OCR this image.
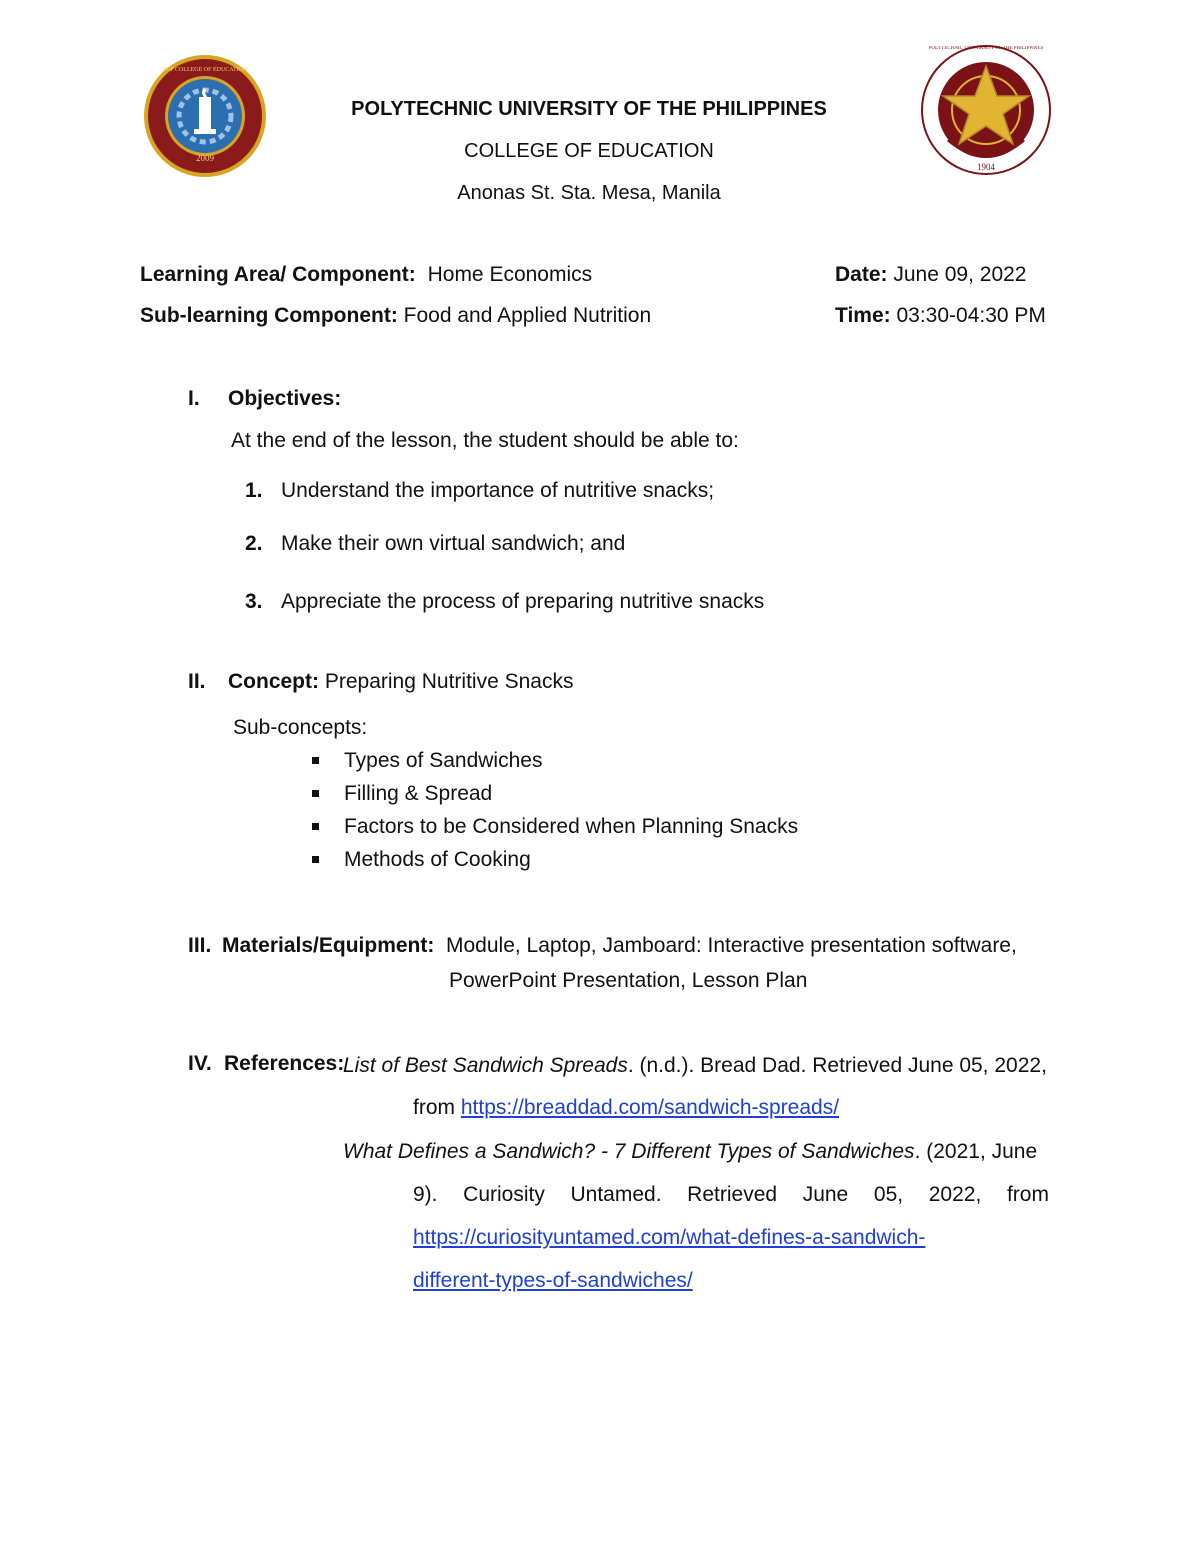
2009
PUP COLLEGE OF EDUCATION
1904
POLYTECHNIC UNIVERSITY OF THE PHILIPPINES
POLYTECHNIC UNIVERSITY OF THE PHILIPPINES
COLLEGE OF EDUCATION
Anonas St. Sta. Mesa, Manila
Learning Area/ Component: Home Economics	Date: June 09, 2022
Sub-learning Component: Food and Applied Nutrition	Time: 03:30-04:30 PM
I. Objectives:
At the end of the lesson, the student should be able to:
1. Understand the importance of nutritive snacks;
2. Make their own virtual sandwich; and
3. Appreciate the process of preparing nutritive snacks
II. Concept: Preparing Nutritive Snacks
Sub-concepts:
Types of Sandwiches
Filling & Spread
Factors to be Considered when Planning Snacks
Methods of Cooking
III. Materials/Equipment: Module, Laptop, Jamboard: Interactive presentation software,
PowerPoint Presentation, Lesson Plan
IV. References:
List of Best Sandwich Spreads. (n.d.). Bread Dad. Retrieved June 05, 2022,
from https://breaddad.com/sandwich-spreads/
What Defines a Sandwich? - 7 Different Types of Sandwiches. (2021, June
9). Curiosity Untamed. Retrieved June 05, 2022, from
https://curiosityuntamed.com/what-defines-a-sandwich-
different-types-of-sandwiches/
